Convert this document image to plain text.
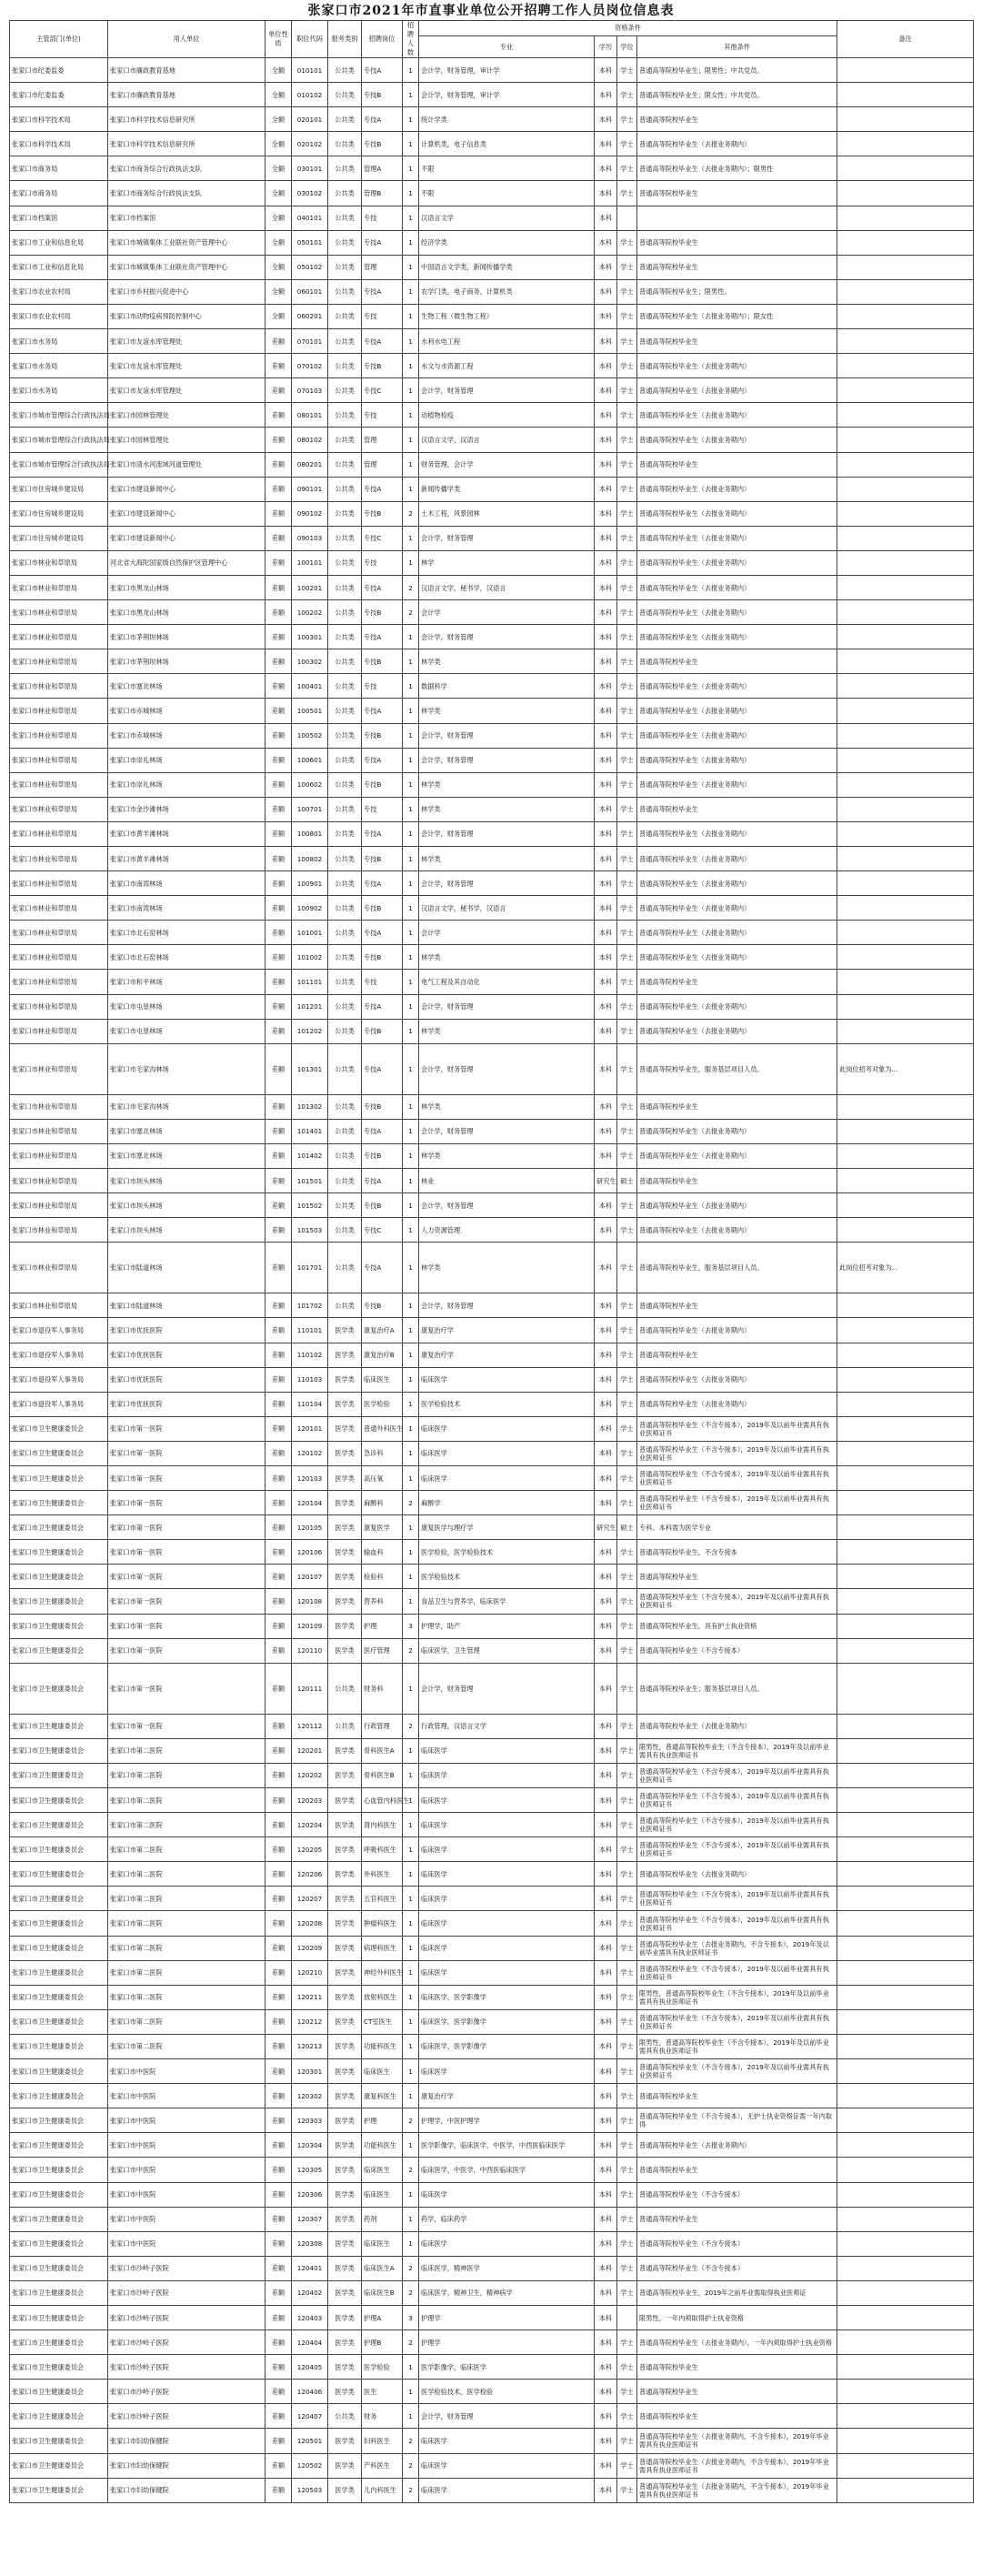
张家口市2021年市直事业单位公开招聘工作人员岗位信息表
主管部门(单位)	用人单位	单位性质	职位代码	报考类别	招聘岗位	招聘人数	资格条件				备注
							专业	学历	学位	其他条件	
张家口市纪委监委	张家口市廉政教育基地	全额	010101	公共类	专技A	1	会计学，财务管理，审计学	本科	学士	普通高等院校毕业生；限男性；中共党员。	
张家口市纪委监委	张家口市廉政教育基地	全额	010102	公共类	专技B	1	会计学，财务管理，审计学	本科	学士	普通高等院校毕业生；限女性；中共党员。	
张家口市科学技术局	张家口市科学技术信息研究所	全额	020101	公共类	专技A	1	统计学类	本科	学士	普通高等院校毕业生	
张家口市科学技术局	张家口市科学技术信息研究所	全额	020102	公共类	专技B	1	计算机类，电子信息类	本科	学士	普通高等院校毕业生（去报业务期内）	
张家口市商务局	张家口市商务综合行政执法支队	全额	030101	公共类	管理A	1	不限	本科	学士	普通高等院校毕业生（去报业务期内）；限男性	
张家口市商务局	张家口市商务综合行政执法支队	全额	030102	公共类	管理B	1	不限	本科	学士	普通高等院校毕业生	
张家口市档案馆	张家口市档案馆	全额	040101	公共类	专技	1	汉语言文学	本科			
张家口市工业和信息化局	张家口市城镇集体工业联社资产管理中心	全额	050101	公共类	专技A	1	经济学类	本科	学士	普通高等院校毕业生	
张家口市工业和信息化局	张家口市城镇集体工业联社资产管理中心	全额	050102	公共类	管理	1	中国语言文学类，新闻传播学类	本科	学士	普通高等院校毕业生	
张家口市农业农村局	张家口市乡村振兴促进中心	全额	060101	公共类	专技A	1	农学门类，电子商务，计算机类	本科	学士	普通高等院校毕业生；限男性。	
张家口市农业农村局	张家口市动物疫病预防控制中心	全额	060201	公共类	专技	1	生物工程（微生物工程）	本科	学士	普通高等院校毕业生（去报业务期内）；限女性	
张家口市水务局	张家口市友谊水库管理处	差额	070101	公共类	专技A	1	水利水电工程	本科	学士	普通高等院校毕业生	
张家口市水务局	张家口市友谊水库管理处	差额	070102	公共类	专技B	1	水文与水资源工程	本科	学士	普通高等院校毕业生（去报业务期内）	
张家口市水务局	张家口市友谊水库管理处	差额	070103	公共类	专技C	1	会计学，财务管理	本科	学士	普通高等院校毕业生（去报业务期内）	
张家口市城市管理综合行政执法局	张家口市园林管理处	差额	080101	公共类	专技	1	动植物检疫	本科	学士	普通高等院校毕业生（去报业务期内）	
张家口市城市管理综合行政执法局	张家口市园林管理处	差额	080102	公共类	管理	1	汉语言文学，汉语言	本科	学士	普通高等院校毕业生（去报业务期内）	
张家口市城市管理综合行政执法局	张家口市清水河流域河道管理处	差额	080201	公共类	管理	1	财务管理，会计学	本科	学士	普通高等院校毕业生	
张家口市住房城乡建设局	张家口市建设新闻中心	差额	090101	公共类	专技A	1	新闻传播学类	本科	学士	普通高等院校毕业生（去报业务期内）	
张家口市住房城乡建设局	张家口市建设新闻中心	差额	090102	公共类	专技B	2	土木工程，风景园林	本科	学士	普通高等院校毕业生（去报业务期内）	
张家口市住房城乡建设局	张家口市建设新闻中心	差额	090103	公共类	专技C	1	会计学，财务管理	本科	学士	普通高等院校毕业生（去报业务期内）	
张家口市林业和草原局	河北省大海陀国家级自然保护区管理中心	差额	100101	公共类	专技	1	林学	本科	学士	普通高等院校毕业生（去报业务期内）	
张家口市林业和草原局	张家口市黑龙山林场	差额	100201	公共类	专技A	2	汉语言文学，秘书学，汉语言	本科	学士	普通高等院校毕业生（去报业务期内）	
张家口市林业和草原局	张家口市黑龙山林场	差额	100202	公共类	专技B	2	会计学	本科	学士	普通高等院校毕业生（去报业务期内）	
张家口市林业和草原局	张家口市茅荆坝林场	差额	100301	公共类	专技A	1	会计学，财务管理	本科	学士	普通高等院校毕业生（去报业务期内）	
张家口市林业和草原局	张家口市茅荆坝林场	差额	100302	公共类	专技B	1	林学类	本科	学士	普通高等院校毕业生	
张家口市林业和草原局	张家口市塞北林场	差额	100401	公共类	专技	1	数据科学	本科	学士	普通高等院校毕业生（去报业务期内）	
张家口市林业和草原局	张家口市赤城林场	差额	100501	公共类	专技A	1	林学类	本科	学士	普通高等院校毕业生（去报业务期内）	
张家口市林业和草原局	张家口市赤城林场	差额	100502	公共类	专技B	1	会计学，财务管理	本科	学士	普通高等院校毕业生（去报业务期内）	
张家口市林业和草原局	张家口市崇礼林场	差额	100601	公共类	专技A	1	会计学，财务管理	本科	学士	普通高等院校毕业生（去报业务期内）	
张家口市林业和草原局	张家口市崇礼林场	差额	100602	公共类	专技B	1	林学类	本科	学士	普通高等院校毕业生（去报业务期内）	
张家口市林业和草原局	张家口市金沙滩林场	差额	100701	公共类	专技	1	林学类	本科	学士	普通高等院校毕业生	
张家口市林业和草原局	张家口市黄羊滩林场	差额	100801	公共类	专技A	1	会计学，财务管理	本科	学士	普通高等院校毕业生（去报业务期内）	
张家口市林业和草原局	张家口市黄羊滩林场	差额	100802	公共类	专技B	1	林学类	本科	学士	普通高等院校毕业生（去报业务期内）	
张家口市林业和草原局	张家口市南湾林场	差额	100901	公共类	专技A	1	会计学，财务管理	本科	学士	普通高等院校毕业生（去报业务期内）	
张家口市林业和草原局	张家口市南湾林场	差额	100902	公共类	专技B	1	汉语言文学，秘书学，汉语言	本科	学士	普通高等院校毕业生（去报业务期内）	
张家口市林业和草原局	张家口市北石窑林场	差额	101001	公共类	专技A	1	会计学	本科	学士	普通高等院校毕业生（去报业务期内）	
张家口市林业和草原局	张家口市北石窑林场	差额	101002	公共类	专技B	1	林学类	本科	学士	普通高等院校毕业生（去报业务期内）	
张家口市林业和草原局	张家口市和平林场	差额	101101	公共类	专技	1	电气工程及其自动化	本科	学士	普通高等院校毕业生	
张家口市林业和草原局	张家口市屯垦林场	差额	101201	公共类	专技A	1	会计学，财务管理	本科	学士	普通高等院校毕业生（去报业务期内）	
张家口市林业和草原局	张家口市屯垦林场	差额	101202	公共类	专技B	1	林学类	本科	学士	普通高等院校毕业生（去报业务期内）	
张家口市林业和草原局	张家口市毛家沟林场	差额	101301	公共类	专技A	1	会计学，财务管理	本科	学士	普通高等院校毕业生，服务基层项目人员。	此岗位招考对象为...
张家口市林业和草原局	张家口市毛家沟林场	差额	101302	公共类	专技B	1	林学类	本科	学士	普通高等院校毕业生	
张家口市林业和草原局	张家口市塞北林场	差额	101401	公共类	专技A	1	会计学，财务管理	本科	学士	普通高等院校毕业生（去报业务期内）	
张家口市林业和草原局	张家口市塞北林场	差额	101402	公共类	专技B	1	林学类	本科	学士	普通高等院校毕业生（去报业务期内）	
张家口市林业和草原局	张家口市坝头林场	差额	101501	公共类	专技A	1	林业	研究生	硕士	普通高等院校毕业生	
张家口市林业和草原局	张家口市坝头林场	差额	101502	公共类	专技B	1	会计学，财务管理	本科	学士	普通高等院校毕业生（去报业务期内）	
张家口市林业和草原局	张家口市坝头林场	差额	101503	公共类	专技C	1	人力资源管理	本科	学士	普通高等院校毕业生（去报业务期内）	
张家口市林业和草原局	张家口市陆道林场	差额	101701	公共类	专技A	1	林学类	本科	学士	普通高等院校毕业生，服务基层项目人员。	此岗位招考对象为...
张家口市林业和草原局	张家口市陆道林场	差额	101702	公共类	专技B	1	会计学，财务管理	本科	学士	普通高等院校毕业生	
张家口市退役军人事务局	张家口市优抚医院	差额	110101	医学类	康复治疗A	1	康复治疗学	本科	学士	普通高等院校毕业生（去报业务期内）	
张家口市退役军人事务局	张家口市优抚医院	差额	110102	医学类	康复治疗B	1	康复治疗学	本科	学士	普通高等院校毕业生	
张家口市退役军人事务局	张家口市优抚医院	差额	110103	医学类	临床医生	1	临床医学	本科	学士	普通高等院校毕业生（去报业务期内）	
张家口市退役军人事务局	张家口市优抚医院	差额	110104	医学类	医学检验	1	医学检验技术	本科	学士	普通高等院校毕业生（去报业务期内）	
张家口市卫生健康委员会	张家口市第一医院	差额	120101	医学类	普通外科医生	1	临床医学	本科	学士	普通高等院校毕业生（不含专接本），2019年及以前毕业需具有执业医师证书	
张家口市卫生健康委员会	张家口市第一医院	差额	120102	医学类	急诊科	1	临床医学	本科	学士	普通高等院校毕业生（不含专接本），2019年及以前毕业需具有执业医师证书	
张家口市卫生健康委员会	张家口市第一医院	差额	120103	医学类	高压氧	1	临床医学	本科	学士	普通高等院校毕业生（不含专接本），2019年及以前毕业需具有执业医师证书	
张家口市卫生健康委员会	张家口市第一医院	差额	120104	医学类	麻醉科	2	麻醉学	本科	学士	普通高等院校毕业生（不含专接本），2019年及以前毕业需具有执业医师证书	
张家口市卫生健康委员会	张家口市第一医院	差额	120105	医学类	康复医学	1	康复医学与理疗学	研究生	硕士	专科、本科需为医学专业	
张家口市卫生健康委员会	张家口市第一医院	差额	120106	医学类	输血科	1	医学检验，医学检验技术	本科	学士	普通高等院校毕业生，不含专接本	
张家口市卫生健康委员会	张家口市第一医院	差额	120107	医学类	检验科	1	医学检验技术	本科	学士	普通高等院校毕业生	
张家口市卫生健康委员会	张家口市第一医院	差额	120108	医学类	营养科	1	食品卫生与营养学，临床医学	本科	学士	普通高等院校毕业生（不含专接本），2019年及以前毕业需具有执业医师证书	
张家口市卫生健康委员会	张家口市第一医院	差额	120109	医学类	护理	3	护理学，助产	本科	学士	普通高等院校毕业生，具有护士执业资格	
张家口市卫生健康委员会	张家口市第一医院	差额	120110	医学类	医疗管理	2	临床医学，卫生管理	本科	学士	普通高等院校毕业生（不含专接本）	
张家口市卫生健康委员会	张家口市第一医院	差额	120111	公共类	财务科	1	会计学，财务管理	本科	学士	普通高等院校毕业生；服务基层项目人员。	
张家口市卫生健康委员会	张家口市第一医院	差额	120112	公共类	行政管理	2	行政管理，汉语言文学	本科	学士	普通高等院校毕业生（去报业务期内）	
张家口市卫生健康委员会	张家口市第二医院	差额	120201	医学类	骨科医生A	1	临床医学	本科	学士	限男性，普通高等院校毕业生（不含专接本），2019年及以前毕业需具有执业医师证书	
张家口市卫生健康委员会	张家口市第二医院	差额	120202	医学类	骨科医生B	1	临床医学	本科	学士	普通高等院校毕业生（不含专接本），2019年及以前毕业需具有执业医师证书	
张家口市卫生健康委员会	张家口市第二医院	差额	120203	医学类	心血管内科医生	1	临床医学	本科	学士	普通高等院校毕业生（不含专接本），2019年及以前毕业需具有执业医师证书	
张家口市卫生健康委员会	张家口市第二医院	差额	120204	医学类	肾内科医生	1	临床医学	本科	学士	普通高等院校毕业生（不含专接本），2019年及以前毕业需具有执业医师证书	
张家口市卫生健康委员会	张家口市第二医院	差额	120205	医学类	呼吸科医生	1	临床医学	本科	学士	普通高等院校毕业生（不含专接本），2019年及以前毕业需具有执业医师证书	
张家口市卫生健康委员会	张家口市第二医院	差额	120206	医学类	外科医生	1	临床医学	本科	学士	普通高等院校毕业生（去报业务期内）	
张家口市卫生健康委员会	张家口市第二医院	差额	120207	医学类	五官科医生	1	临床医学	本科	学士	普通高等院校毕业生（不含专接本），2019年及以前毕业需具有执业医师证书	
张家口市卫生健康委员会	张家口市第二医院	差额	120208	医学类	肿瘤科医生	1	临床医学	本科	学士	普通高等院校毕业生（不含专接本），2019年及以前毕业需具有执业医师证书	
张家口市卫生健康委员会	张家口市第二医院	差额	120209	医学类	病理科医生	1	临床医学	本科	学士	普通高等院校毕业生（去报业务期内，不含专接本），2019年及以前毕业需具有执业医师证书	
张家口市卫生健康委员会	张家口市第二医院	差额	120210	医学类	神经外科医生	1	临床医学	本科	学士	普通高等院校毕业生（不含专接本），2019年及以前毕业需具有执业医师证书	
张家口市卫生健康委员会	张家口市第二医院	差额	120211	医学类	放射科医生	1	临床医学，医学影像学	本科	学士	限男性，普通高等院校毕业生（不含专接本），2019年及以前毕业需具有执业医师证书	
张家口市卫生健康委员会	张家口市第二医院	差额	120212	医学类	CT室医生	1	临床医学，医学影像学	本科	学士	普通高等院校毕业生（不含专接本），2019年及以前毕业需具有执业医师证书	
张家口市卫生健康委员会	张家口市第二医院	差额	120213	医学类	功能科医生	1	临床医学，医学影像学	本科	学士	限男性，普通高等院校毕业生（不含专接本），2019年及以前毕业需具有执业医师证书	
张家口市卫生健康委员会	张家口市中医院	差额	120301	医学类	临床医生	1	临床医学	本科	学士	普通高等院校毕业生（不含专接本），2019年及以前毕业需具有执业医师证书	
张家口市卫生健康委员会	张家口市中医院	差额	120302	医学类	康复科医生	1	康复治疗学	本科	学士	普通高等院校毕业生	
张家口市卫生健康委员会	张家口市中医院	差额	120303	医学类	护理	2	护理学，中医护理学	本科	学士	普通高等院校毕业生（不含专接本），无护士执业资格证需一年内取得	
张家口市卫生健康委员会	张家口市中医院	差额	120304	医学类	功能科医生	1	医学影像学，临床医学，中医学，中西医临床医学	本科	学士	普通高等院校毕业生（去报业务期内）	
张家口市卫生健康委员会	张家口市中医院	差额	120305	医学类	临床医生	2	临床医学，中医学，中西医临床医学	本科	学士	普通高等院校毕业生	
张家口市卫生健康委员会	张家口市中医院	差额	120306	医学类	临床医生	1	临床医学	本科	学士	普通高等院校毕业生（不含专接本）	
张家口市卫生健康委员会	张家口市中医院	差额	120307	医学类	药剂	1	药学，临床药学	本科	学士	普通高等院校毕业生	
张家口市卫生健康委员会	张家口市中医院	差额	120308	医学类	临床医生	1	临床医学	本科	学士	普通高等院校毕业生（不含专接本）	
张家口市卫生健康委员会	张家口市沙岭子医院	差额	120401	医学类	临床医生A	2	临床医学，精神医学	本科	学士	普通高等院校毕业生（不含专接本）	
张家口市卫生健康委员会	张家口市沙岭子医院	差额	120402	医学类	临床医生B	2	临床医学，精神卫生，精神病学	本科	学士	普通高等院校毕业生，2019年之前毕业需取得执业医师证	
张家口市卫生健康委员会	张家口市沙岭子医院	差额	120403	医学类	护理A	3	护理学	本科		限男性，一年内须取得护士执业资格	
张家口市卫生健康委员会	张家口市沙岭子医院	差额	120404	医学类	护理B	2	护理学	本科	学士	普通高等院校毕业生（去报业务期内），一年内须取得护士执业资格	
张家口市卫生健康委员会	张家口市沙岭子医院	差额	120405	医学类	医学检验	1	医学影像学，临床医学	本科	学士	普通高等院校毕业生	
张家口市卫生健康委员会	张家口市沙岭子医院	差额	120406	医学类	医生	1	医学检验技术，医学检验	本科	学士	普通高等院校毕业生	
张家口市卫生健康委员会	张家口市沙岭子医院	差额	120407	公共类	财务	1	会计学，财务管理	本科	学士	普通高等院校毕业生	
张家口市卫生健康委员会	张家口市妇幼保健院	差额	120501	医学类	妇科医生	2	临床医学	本科	学士	普通高等院校毕业生（去报业务期内，不含专接本），2019年毕业需具有执业医师证书	
张家口市卫生健康委员会	张家口市妇幼保健院	差额	120502	医学类	产科医生	2	临床医学	本科	学士	普通高等院校毕业生（去报业务期内，不含专接本），2019年毕业需具有执业医师证书	
张家口市卫生健康委员会	张家口市妇幼保健院	差额	120503	医学类	儿内科医生	2	临床医学	本科	学士	普通高等院校毕业生（去报业务期内，不含专接本），2019年毕业需具有执业医师证书	
